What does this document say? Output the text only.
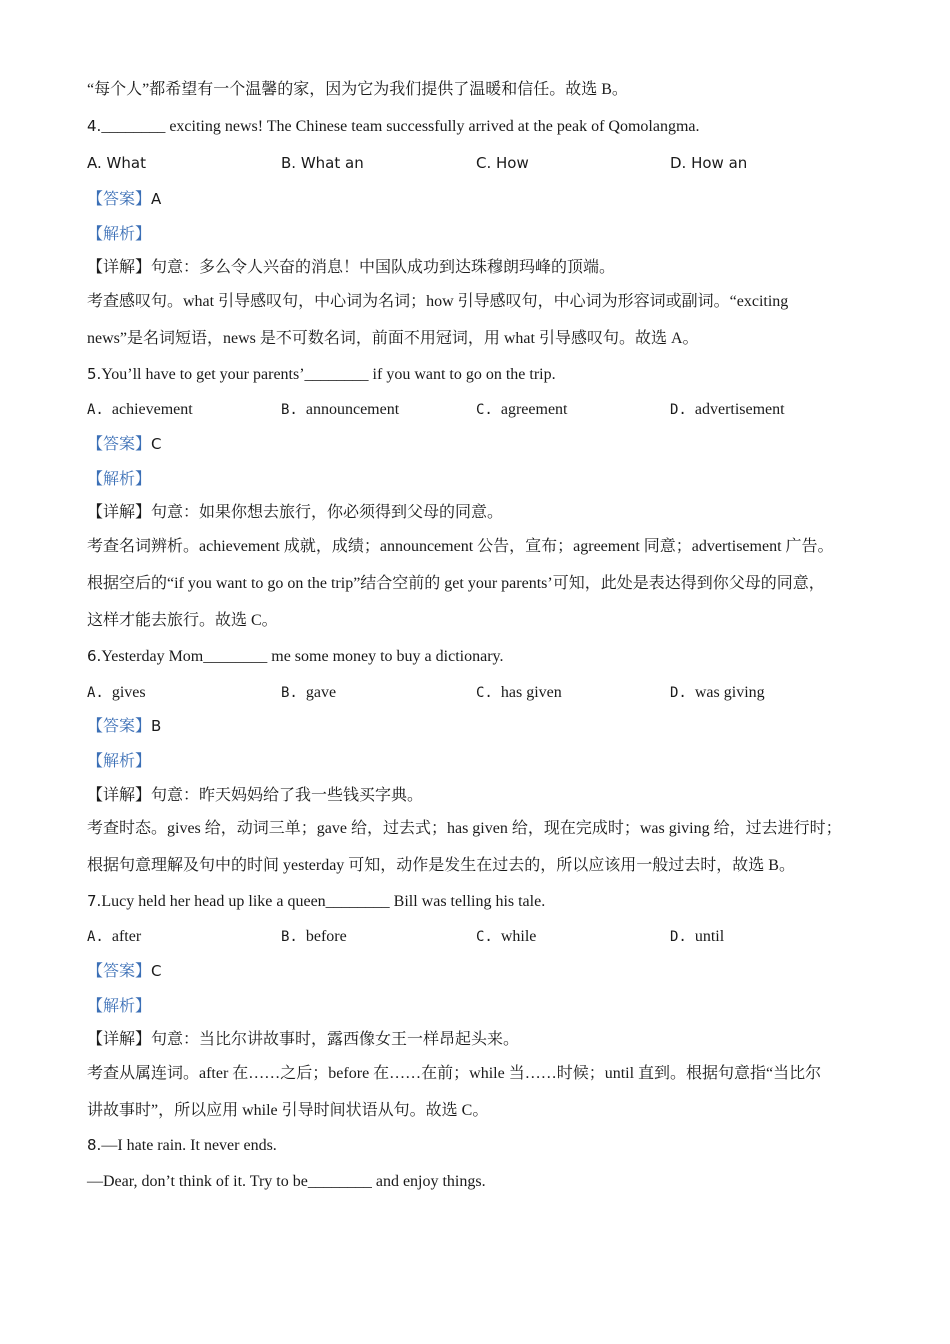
“每个人”都希望有一个温馨的家，因为它为我们提供了温暖和信任。故选 B。
4.________ exciting news! The Chinese team successfully arrived at the peak of Qomolangma.
A. What	B. What an	C. How	D. How an
【答案】A
【解析】
【详解】句意：多么令人兴奋的消息！中国队成功到达珠穆朗玛峰的顶端。
考查感叹句。what 引导感叹句，中心词为名词；how 引导感叹句，中心词为形容词或副词。“exciting
news”是名词短语，news 是不可数名词，前面不用冠词，用 what 引导感叹句。故选 A。
5.You’ll have to get your parents’________ if you want to go on the trip.
A. achievement	B. announcement	C. agreement	D. advertisement
【答案】C
【解析】
【详解】句意：如果你想去旅行，你必须得到父母的同意。
考查名词辨析。achievement 成就，成绩；announcement 公告，宣布；agreement 同意；advertisement 广告。
根据空后的“if you want to go on the trip”结合空前的 get your parents’可知，此处是表达得到你父母的同意，
这样才能去旅行。故选 C。
6.Yesterday Mom________ me some money to buy a dictionary.
A. gives	B. gave	C. has given	D. was giving
【答案】B
【解析】
【详解】句意：昨天妈妈给了我一些钱买字典。
考查时态。gives 给，动词三单；gave 给，过去式；has given 给，现在完成时；was giving 给，过去进行时；
根据句意理解及句中的时间 yesterday 可知，动作是发生在过去的，所以应该用一般过去时，故选 B。
7.Lucy held her head up like a queen________ Bill was telling his tale.
A. after	B. before	C. while	D. until
【答案】C
【解析】
【详解】句意：当比尔讲故事时，露西像女王一样昂起头来。
考查从属连词。after 在……之后；before 在……在前；while 当……时候；until 直到。根据句意指“当比尔
讲故事时”，所以应用 while 引导时间状语从句。故选 C。
8.—I hate rain. It never ends.
—Dear, don’t think of it. Try to be________ and enjoy things.
